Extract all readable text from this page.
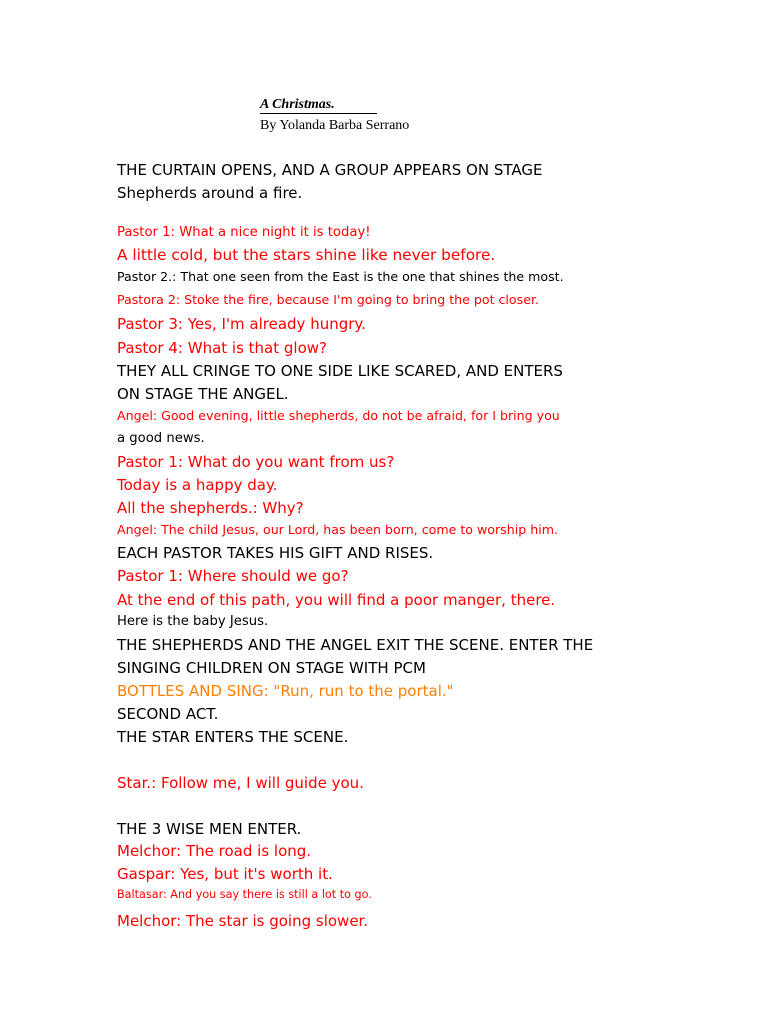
A Christmas.
By Yolanda Barba Serrano
THE CURTAIN OPENS, AND A GROUP APPEARS ON STAGE
Shepherds around a fire.
Pastor 1: What a nice night it is today!
A little cold, but the stars shine like never before.
Pastor 2.: That one seen from the East is the one that shines the most.
Pastora 2: Stoke the fire, because I'm going to bring the pot closer.
Pastor 3: Yes, I'm already hungry.
Pastor 4: What is that glow?
THEY ALL CRINGE TO ONE SIDE LIKE SCARED, AND ENTERS
ON STAGE THE ANGEL.
Angel: Good evening, little shepherds, do not be afraid, for I bring you
a good news.
Pastor 1: What do you want from us?
Today is a happy day.
All the shepherds.: Why?
Angel: The child Jesus, our Lord, has been born, come to worship him.
EACH PASTOR TAKES HIS GIFT AND RISES.
Pastor 1: Where should we go?
At the end of this path, you will find a poor manger, there.
Here is the baby Jesus.
THE SHEPHERDS AND THE ANGEL EXIT THE SCENE. ENTER THE
SINGING CHILDREN ON STAGE WITH PCM
BOTTLES AND SING: "Run, run to the portal."
SECOND ACT.
THE STAR ENTERS THE SCENE.
Star.: Follow me, I will guide you.
THE 3 WISE MEN ENTER.
Melchor: The road is long.
Gaspar: Yes, but it's worth it.
Baltasar: And you say there is still a lot to go.
Melchor: The star is going slower.
